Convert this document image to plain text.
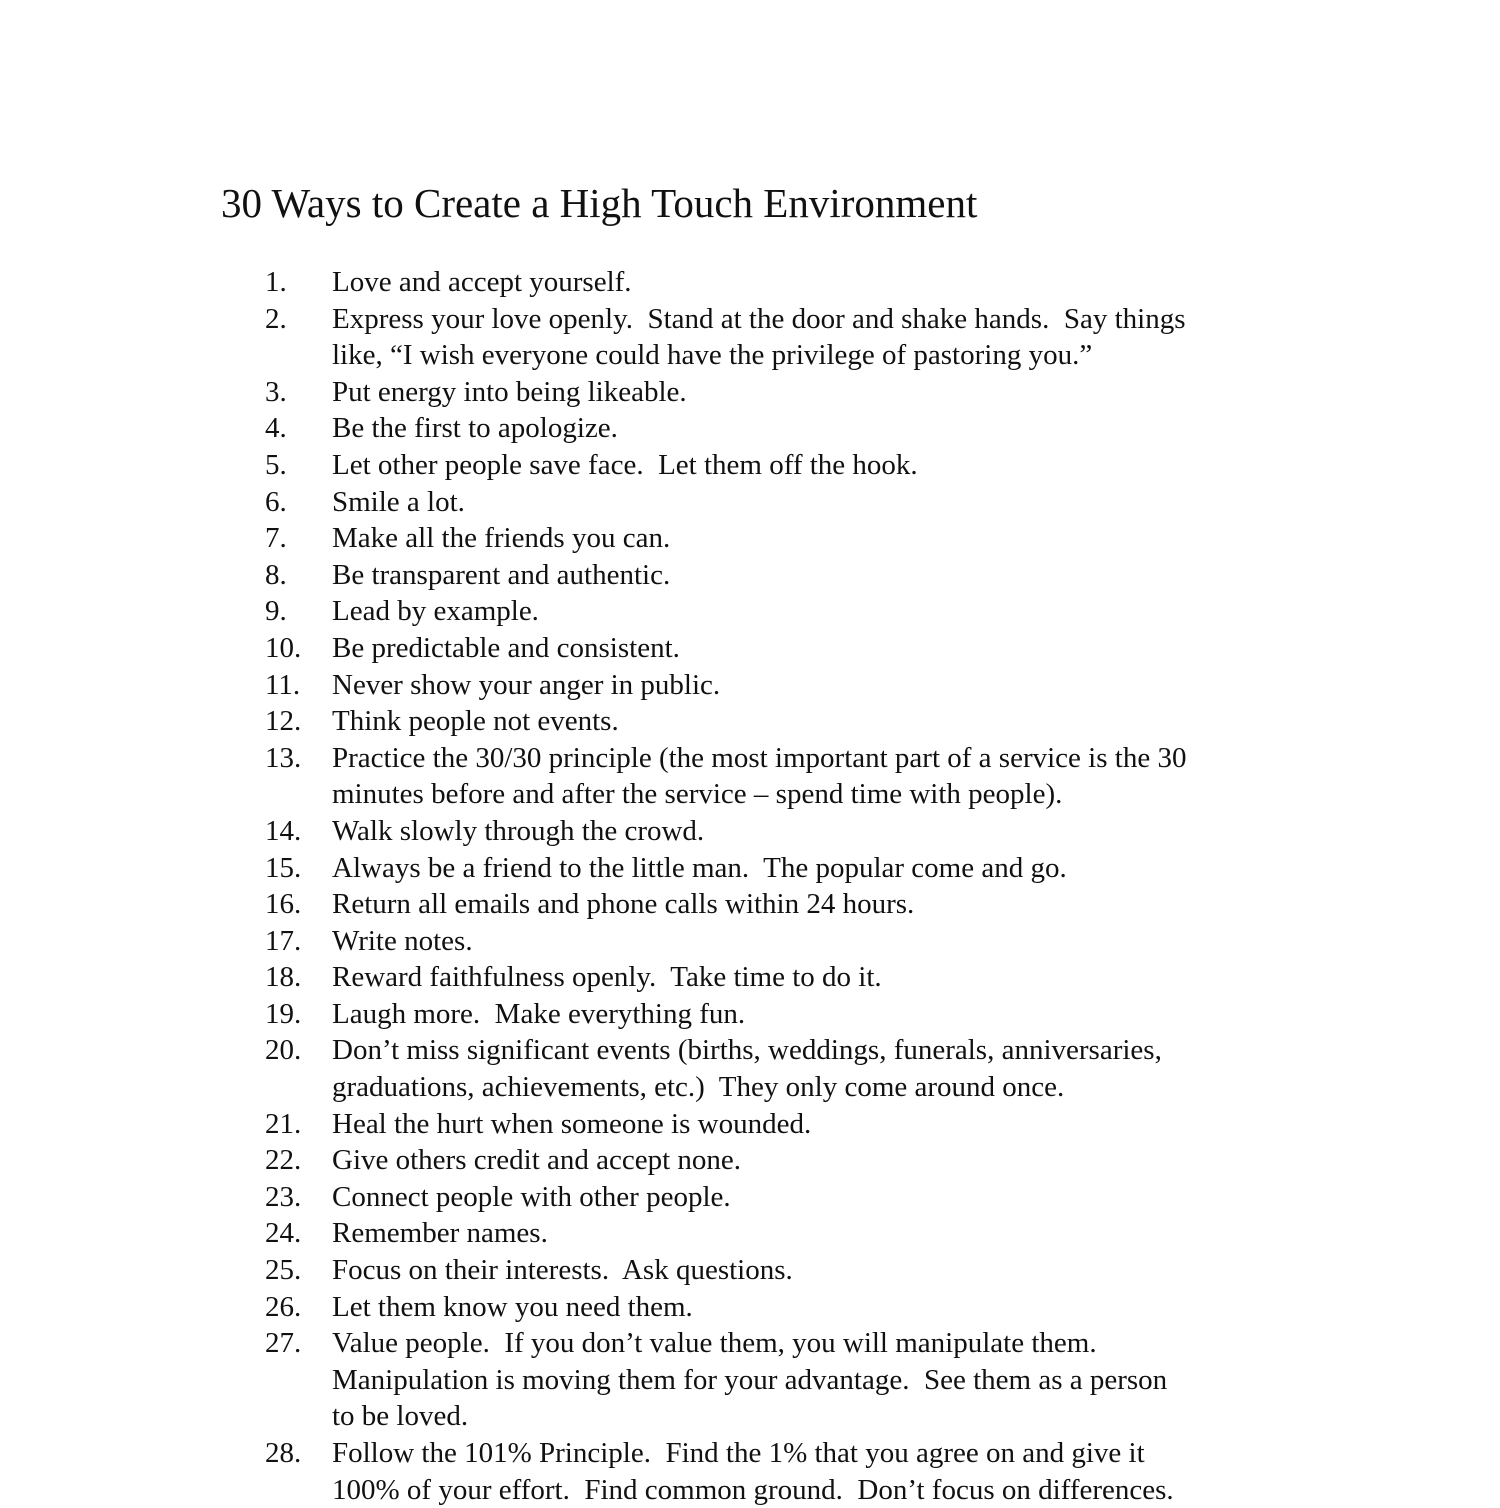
30 Ways to Create a High Touch Environment
1. Love and accept yourself.
2. Express your love openly.  Stand at the door and shake hands.  Say things
like, “I wish everyone could have the privilege of pastoring you.”
3. Put energy into being likeable.
4. Be the first to apologize.
5. Let other people save face.  Let them off the hook.
6. Smile a lot.
7. Make all the friends you can.
8. Be transparent and authentic.
9. Lead by example.
10. Be predictable and consistent.
11. Never show your anger in public.
12. Think people not events.
13. Practice the 30/30 principle (the most important part of a service is the 30
minutes before and after the service – spend time with people).
14. Walk slowly through the crowd.
15. Always be a friend to the little man.  The popular come and go.
16. Return all emails and phone calls within 24 hours.
17. Write notes.
18. Reward faithfulness openly.  Take time to do it.
19. Laugh more.  Make everything fun.
20. Don’t miss significant events (births, weddings, funerals, anniversaries,
graduations, achievements, etc.)  They only come around once.
21. Heal the hurt when someone is wounded.
22. Give others credit and accept none.
23. Connect people with other people.
24. Remember names.
25. Focus on their interests.  Ask questions.
26. Let them know you need them.
27. Value people.  If you don’t value them, you will manipulate them.
Manipulation is moving them for your advantage.  See them as a person
to be loved.
28. Follow the 101% Principle.  Find the 1% that you agree on and give it
100% of your effort.  Find common ground.  Don’t focus on differences.
